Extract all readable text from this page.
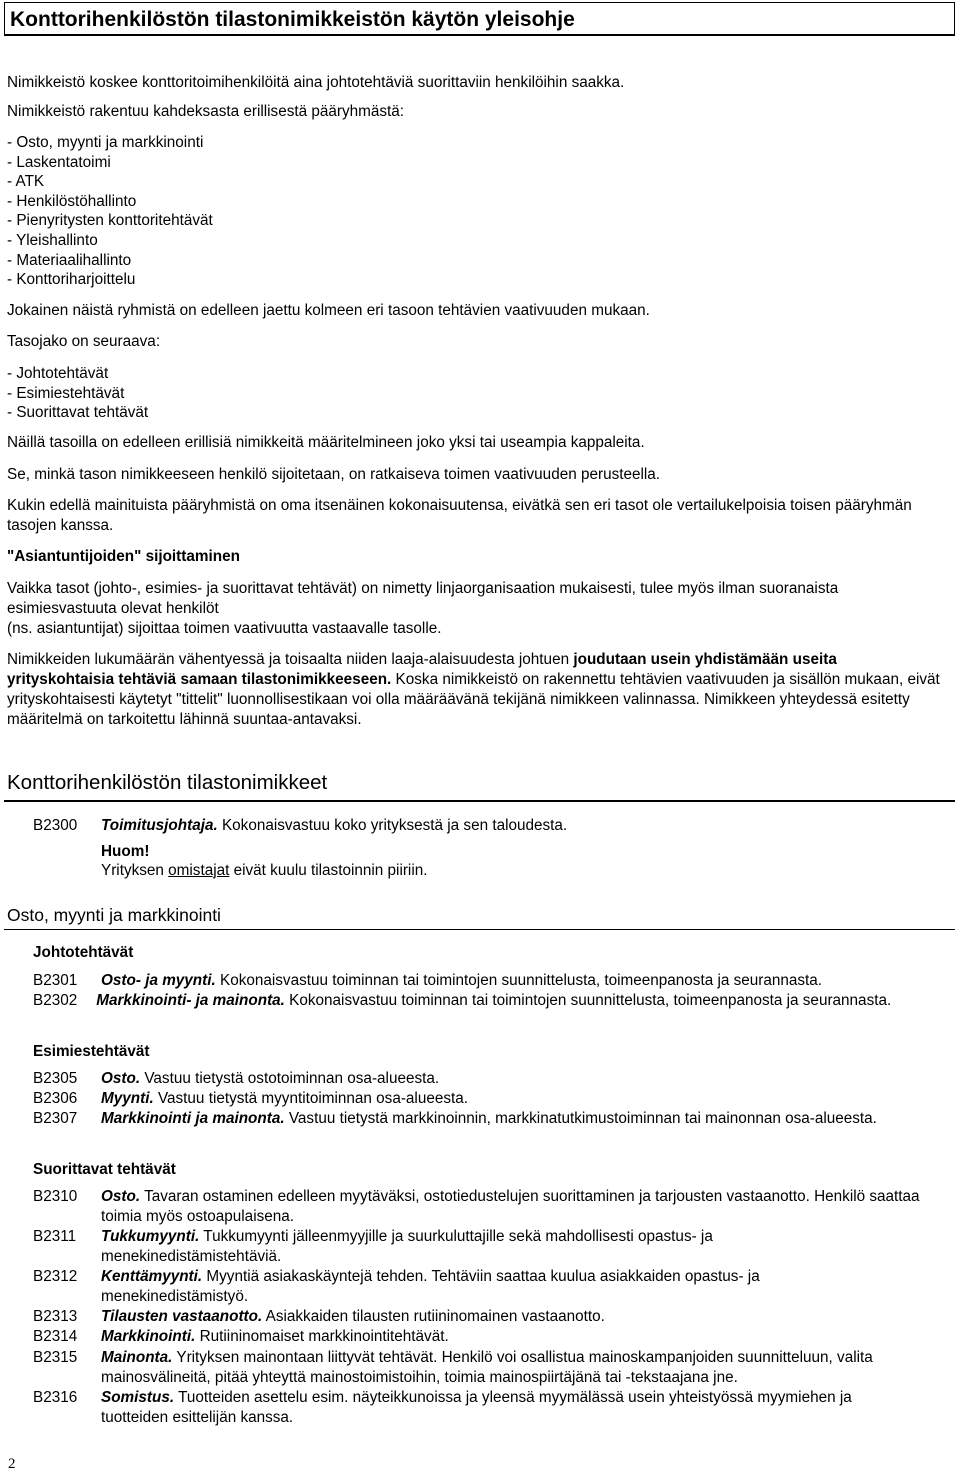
Konttorihenkilöstön tilastonimikkeistön käytön yleisohje
Nimikkeistö koskee konttoritoimihenkilöitä aina johtotehtäviä suorittaviin henkilöihin saakka.
Nimikkeistö rakentuu kahdeksasta erillisestä pääryhmästä:
- Osto, myynti ja markkinointi
- Laskentatoimi
- ATK
- Henkilöstöhallinto
- Pienyritysten konttoritehtävät
- Yleishallinto
- Materiaalihallinto
- Konttoriharjoittelu
Jokainen näistä ryhmistä on edelleen jaettu kolmeen eri tasoon tehtävien vaativuuden mukaan.
Tasojako on seuraava:
- Johtotehtävät
- Esimiestehtävät
- Suorittavat tehtävät
Näillä tasoilla on edelleen erillisiä nimikkeitä määritelmineen joko yksi tai useampia kappaleita.
Se, minkä tason nimikkeeseen henkilö sijoitetaan, on ratkaiseva toimen vaativuuden perusteella.
Kukin edellä mainituista pääryhmistä on oma itsenäinen kokonaisuutensa, eivätkä sen eri tasot ole vertailukelpoisia toisen pääryhmän tasojen kanssa.
"Asiantuntijoiden" sijoittaminen
Vaikka tasot (johto-, esimies- ja suorittavat tehtävät) on nimetty linjaorganisaation mukaisesti, tulee myös ilman suoranaista esimiesvastuuta olevat henkilöt
(ns. asiantuntijat) sijoittaa toimen vaativuutta vastaavalle tasolle.
Nimikkeiden lukumäärän vähentyessä ja toisaalta niiden laaja-alaisuudesta johtuen joudutaan usein yhdistämään useita yrityskohtaisia tehtäviä samaan tilastonimikkeeseen. Koska nimikkeistö on rakennettu tehtävien vaativuuden ja sisällön mukaan, eivät yrityskohtaisesti käytetyt "tittelit" luonnollisestikaan voi olla määräävänä tekijänä nimikkeen valinnassa. Nimikkeen yhteydessä esitetty määritelmä on tarkoitettu lähinnä suuntaa-antavaksi.
Konttorihenkilöstön tilastonimikkeet
B2300 Toimitusjohtaja. Kokonaisvastuu koko yrityksestä ja sen taloudesta.
Huom!
Yrityksen omistajat eivät kuulu tilastoinnin piiriin.
Osto, myynti ja markkinointi
Johtotehtävät
B2301 Osto- ja myynti. Kokonaisvastuu toiminnan tai toimintojen suunnittelusta, toimeenpanosta ja seurannasta.
B2302 Markkinointi- ja mainonta. Kokonaisvastuu toiminnan tai toimintojen suunnittelusta, toimeenpanosta ja seurannasta.
Esimiestehtävät
B2305 Osto. Vastuu tietystä ostotoiminnan osa-alueesta.
B2306 Myynti. Vastuu tietystä myyntitoiminnan osa-alueesta.
B2307 Markkinointi ja mainonta. Vastuu tietystä markkinoinnin, markkinatutkimustoiminnan tai mainonnan osa-alueesta.
Suorittavat tehtävät
B2310 Osto. Tavaran ostaminen edelleen myytäväksi, ostotiedustelujen suorittaminen ja tarjousten vastaanotto. Henkilö saattaa toimia myös ostoapulaisena.
B2311 Tukkumyynti. Tukkumyynti jälleenmyyjille ja suurkuluttajille sekä mahdollisesti opastus- ja menekinedistämistehtäviä.
B2312 Kenttämyynti. Myyntiä asiakaskäyntejä tehden. Tehtäviin saattaa kuulua asiakkaiden opastus- ja menekinedistämistyö.
B2313 Tilausten vastaanotto. Asiakkaiden tilausten rutiininomainen vastaanotto.
B2314 Markkinointi. Rutiininomaiset markkinointitehtävät.
B2315 Mainonta. Yrityksen mainontaan liittyvät tehtävät. Henkilö voi osallistua mainoskampanjoiden suunnitteluun, valita mainosvälineitä, pitää yhteyttä mainostoimistoihin, toimia mainospiirtäjänä tai -tekstaajana jne.
B2316 Somistus. Tuotteiden asettelu esim. näyteikkunoissa ja yleensä myymälässä usein yhteistyössä myymiehen ja tuotteiden esittelijän kanssa.
2
